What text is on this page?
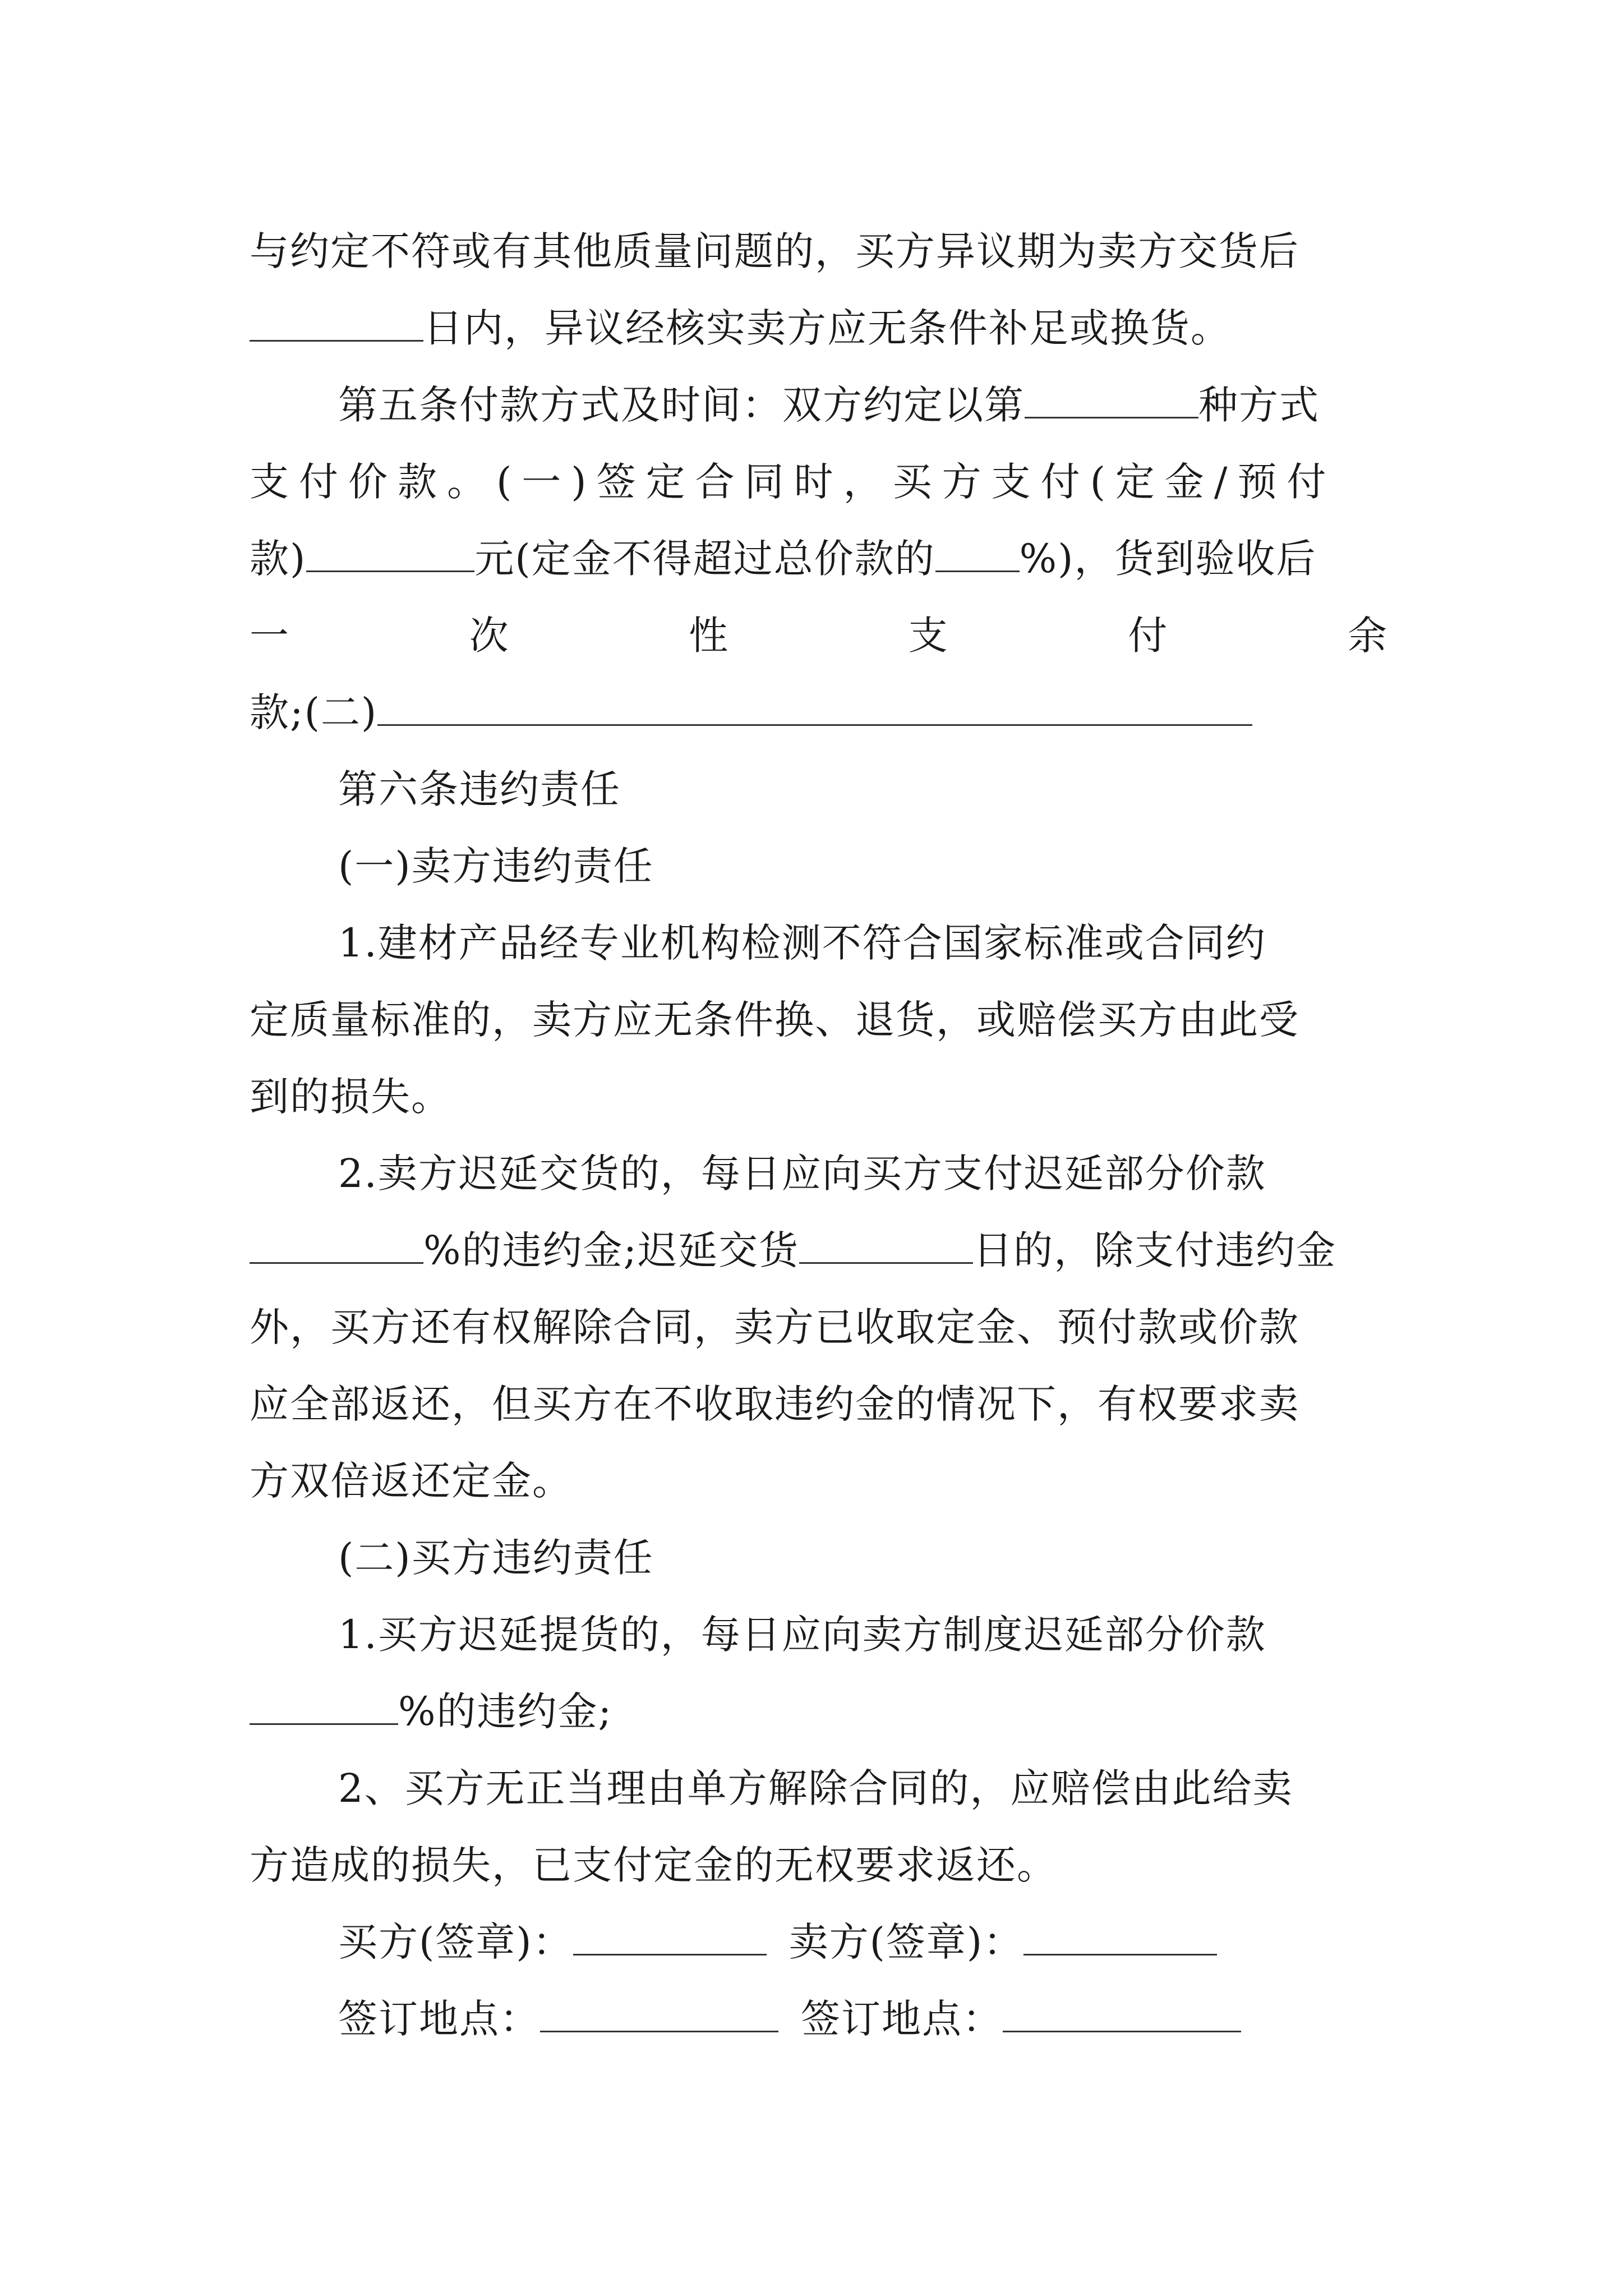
与约定不符或有其他质量问题的，买方异议期为卖方交货后
日内，异议经核实卖方应无条件补足或换货。
第五条付款方式及时间：双方约定以第	种方式
支付价款。(一)签定合同时，买方支付(定金/预付
款)	元(定金不得超过总价款的 %)，货到验收后
一	次	性	支	付	余
款;(二)
第六条违约责任
(一)卖方违约责任
1.建材产品经专业机构检测不符合国家标准或合同约
定质量标准的，卖方应无条件换、退货，或赔偿买方由此受
到的损失。
2.卖方迟延交货的，每日应向买方支付迟延部分价款
%的违约金;迟延交货	日的，除支付违约金
外，买方还有权解除合同，卖方已收取定金、预付款或价款
应全部返还，但买方在不收取违约金的情况下，有权要求卖
方双倍返还定金。
(二)买方违约责任
1.买方迟延提货的，每日应向卖方制度迟延部分价款
%的违约金;
2、买方无正当理由单方解除合同的，应赔偿由此给卖
方造成的损失，已支付定金的无权要求返还。
买方(签章)：	卖方(签章)：
签订地点：	签订地点：
